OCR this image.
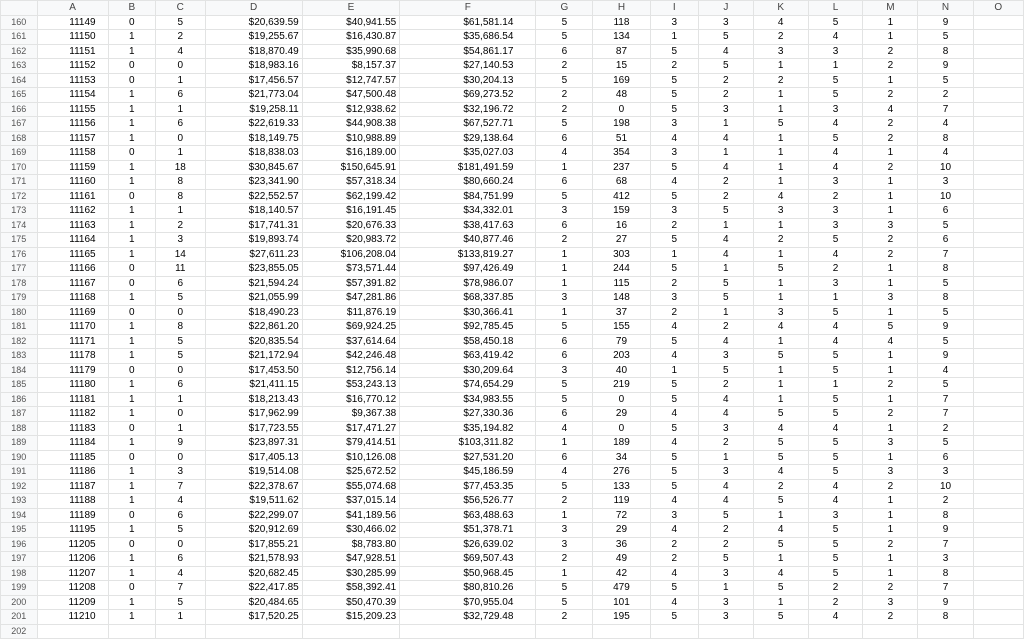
	A	B	C	D	E	F	G	H	I	J	K	L	M	N	O
160	11149	0	5	$20,639.59	$40,941.55	$61,581.14	5	118	3	3	4	5	1	9	
161	11150	1	2	$19,255.67	$16,430.87	$35,686.54	5	134	1	5	2	4	1	5	
162	11151	1	4	$18,870.49	$35,990.68	$54,861.17	6	87	5	4	3	3	2	8	
163	11152	0	0	$18,983.16	$8,157.37	$27,140.53	2	15	2	5	1	1	2	9	
164	11153	0	1	$17,456.57	$12,747.57	$30,204.13	5	169	5	2	2	5	1	5	
165	11154	1	6	$21,773.04	$47,500.48	$69,273.52	2	48	5	2	1	5	2	2	
166	11155	1	1	$19,258.11	$12,938.62	$32,196.72	2	0	5	3	1	3	4	7	
167	11156	1	6	$22,619.33	$44,908.38	$67,527.71	5	198	3	1	5	4	2	4	
168	11157	1	0	$18,149.75	$10,988.89	$29,138.64	6	51	4	4	1	5	2	8	
169	11158	0	1	$18,838.03	$16,189.00	$35,027.03	4	354	3	1	1	4	1	4	
170	11159	1	18	$30,845.67	$150,645.91	$181,491.59	1	237	5	4	1	4	2	10	
171	11160	1	8	$23,341.90	$57,318.34	$80,660.24	6	68	4	2	1	3	1	3	
172	11161	0	8	$22,552.57	$62,199.42	$84,751.99	5	412	5	2	4	2	1	10	
173	11162	1	1	$18,140.57	$16,191.45	$34,332.01	3	159	3	5	3	3	1	6	
174	11163	1	2	$17,741.31	$20,676.33	$38,417.63	6	16	2	1	1	3	3	5	
175	11164	1	3	$19,893.74	$20,983.72	$40,877.46	2	27	5	4	2	5	2	6	
176	11165	1	14	$27,611.23	$106,208.04	$133,819.27	1	303	1	4	1	4	2	7	
177	11166	0	11	$23,855.05	$73,571.44	$97,426.49	1	244	5	1	5	2	1	8	
178	11167	0	6	$21,594.24	$57,391.82	$78,986.07	1	115	2	5	1	3	1	5	
179	11168	1	5	$21,055.99	$47,281.86	$68,337.85	3	148	3	5	1	1	3	8	
180	11169	0	0	$18,490.23	$11,876.19	$30,366.41	1	37	2	1	3	5	1	5	
181	11170	1	8	$22,861.20	$69,924.25	$92,785.45	5	155	4	2	4	4	5	9	
182	11171	1	5	$20,835.54	$37,614.64	$58,450.18	6	79	5	4	1	4	4	5	
183	11178	1	5	$21,172.94	$42,246.48	$63,419.42	6	203	4	3	5	5	1	9	
184	11179	0	0	$17,453.50	$12,756.14	$30,209.64	3	40	1	5	1	5	1	4	
185	11180	1	6	$21,411.15	$53,243.13	$74,654.29	5	219	5	2	1	1	2	5	
186	11181	1	1	$18,213.43	$16,770.12	$34,983.55	5	0	5	4	1	5	1	7	
187	11182	1	0	$17,962.99	$9,367.38	$27,330.36	6	29	4	4	5	5	2	7	
188	11183	0	1	$17,723.55	$17,471.27	$35,194.82	4	0	5	3	4	4	1	2	
189	11184	1	9	$23,897.31	$79,414.51	$103,311.82	1	189	4	2	5	5	3	5	
190	11185	0	0	$17,405.13	$10,126.08	$27,531.20	6	34	5	1	5	5	1	6	
191	11186	1	3	$19,514.08	$25,672.52	$45,186.59	4	276	5	3	4	5	3	3	
192	11187	1	7	$22,378.67	$55,074.68	$77,453.35	5	133	5	4	2	4	2	10	
193	11188	1	4	$19,511.62	$37,015.14	$56,526.77	2	119	4	4	5	4	1	2	
194	11189	0	6	$22,299.07	$41,189.56	$63,488.63	1	72	3	5	1	3	1	8	
195	11195	1	5	$20,912.69	$30,466.02	$51,378.71	3	29	4	2	4	5	1	9	
196	11205	0	0	$17,855.21	$8,783.80	$26,639.02	3	36	2	2	5	5	2	7	
197	11206	1	6	$21,578.93	$47,928.51	$69,507.43	2	49	2	5	1	5	1	3	
198	11207	1	4	$20,682.45	$30,285.99	$50,968.45	1	42	4	3	4	5	1	8	
199	11208	0	7	$22,417.85	$58,392.41	$80,810.26	5	479	5	1	5	2	2	7	
200	11209	1	5	$20,484.65	$50,470.39	$70,955.04	5	101	4	3	1	2	3	9	
201	11210	1	1	$17,520.25	$15,209.23	$32,729.48	2	195	5	3	5	4	2	8	
202															
